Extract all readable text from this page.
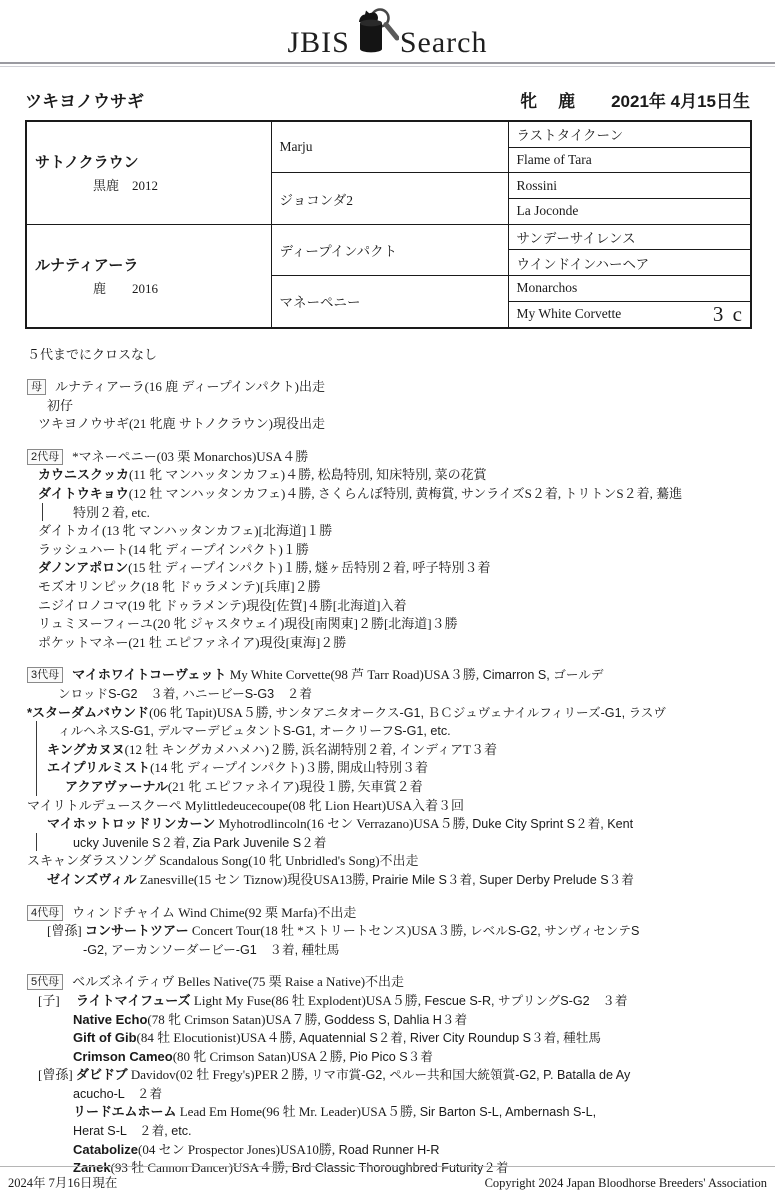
JBIS Search
ツキヨノウサギ	牝　鹿 2021年 4月15日生
サトノクラウン
黒鹿　2012	Marju	ラストタイクーン
		Flame of Tara
	ジョコンダ2	Rossini
		La Joconde

ルナティアーラ
鹿　　2016	ディープインパクト	サンデーサイレンス
		ウインドインハーヘア
	マネーペニー	Monarchos
		My White Corvette 3 c
５代までにクロスなし
母 ルナティアーラ(16 鹿 ディープインパクト)出走
初仔
ツキヨノウサギ(21 牝鹿 サトノクラウン)現役出走
2代母 *マネーペニー(03 栗 Monarchos)USA４勝
カウニスクッカ(11 牝 マンハッタンカフェ)４勝, 松島特別, 知床特別, 菜の花賞
ダイトウキョウ(12 牡 マンハッタンカフェ)４勝, さくらんぼ特別, 黄梅賞, サンライズS２着, トリトンS２着, 驀進
特別２着, etc.
ダイトカイ(13 牝 マンハッタンカフェ)[北海道]１勝
ラッシュハート(14 牝 ディープインパクト)１勝
ダノンアポロン(15 牡 ディープインパクト)１勝, 燧ヶ岳特別２着, 呼子特別３着
モズオリンピック(18 牝 ドゥラメンテ)[兵庫]２勝
ニジイロノコマ(19 牝 ドゥラメンテ)現役[佐賀]４勝[北海道]入着
リュミヌーフィーユ(20 牝 ジャスタウェイ)現役[南関東]２勝[北海道]３勝
ポケットマネー(21 牡 エピファネイア)現役[東海]２勝
3代母 マイホワイトコーヴェット My White Corvette(98 芦 Tarr Road)USA３勝, Cimarron S, ゴールデ
ンロッドS-G2　３着, ハニービーS-G3　２着
*スターダムバウンド(06 牝 Tapit)USA５勝, サンタアニタオークス-G1, ＢＣジュヴェナイルフィリーズ-G1, ラスヴ
ィルヘネスS-G1, デルマーデビュタントS-G1, オークリーフS-G1, etc.
キングカヌヌ(12 牡 キングカメハメハ)２勝, 浜名湖特別２着, インディアT３着
エイプリルミスト(14 牝 ディープインパクト)３勝, 開成山特別３着
アクアヴァーナル(21 牝 エピファネイア)現役１勝, 矢車賞２着
マイリトルデュースクーペ Mylittledeucecoupe(08 牝 Lion Heart)USA入着３回
マイホットロッドリンカーン Myhotrodlincoln(16 セン Verrazano)USA５勝, Duke City Sprint S２着, Kent
ucky Juvenile S２着, Zia Park Juvenile S２着
スキャンダラスソング Scandalous Song(10 牝 Unbridled's Song)不出走
ゼインズヴィル Zanesville(15 セン Tiznow)現役USA13勝, Prairie Mile S３着, Super Derby Prelude S３着
4代母 ウィンドチャイム Wind Chime(92 栗 Marfa)不出走
[曾孫] コンサートツアー Concert Tour(18 牡 *ストリートセンス)USA３勝, レベルS-G2, サンヴィセンテS
-G2, アーカンソーダービー-G1　３着, 種牡馬
5代母 ベルズネイティヴ Belles Native(75 栗 Raise a Native)不出走
[子] ライトマイフューズ Light My Fuse(86 牡 Explodent)USA５勝, Fescue S-R, サプリングS-G2　３着
Native Echo(78 牝 Crimson Satan)USA７勝, Goddess S, Dahlia H３着
Gift of Gib(84 牡 Elocutionist)USA４勝, Aquatennial S２着, River City Roundup S３着, 種牡馬
Crimson Cameo(80 牝 Crimson Satan)USA２勝, Pio Pico S３着
[曾孫] ダビドブ Davidov(02 牡 Fregy's)PER２勝, リマ市賞-G2, ペルー共和国大統領賞-G2, P. Batalla de Ay
acucho-L　２着
リードエムホーム Lead Em Home(96 牡 Mr. Leader)USA５勝, Sir Barton S-L, Ambernash S-L,
Herat S-L　２着, etc.
Catabolize(04 セン Prospector Jones)USA10勝, Road Runner H-R
Zanek(93 牡 Cannon Dancer)USA４勝, Brd Classic Thoroughbred Futurity２着
2024年 7月16日現在	Copyright 2024 Japan Bloodhorse Breeders' Association
